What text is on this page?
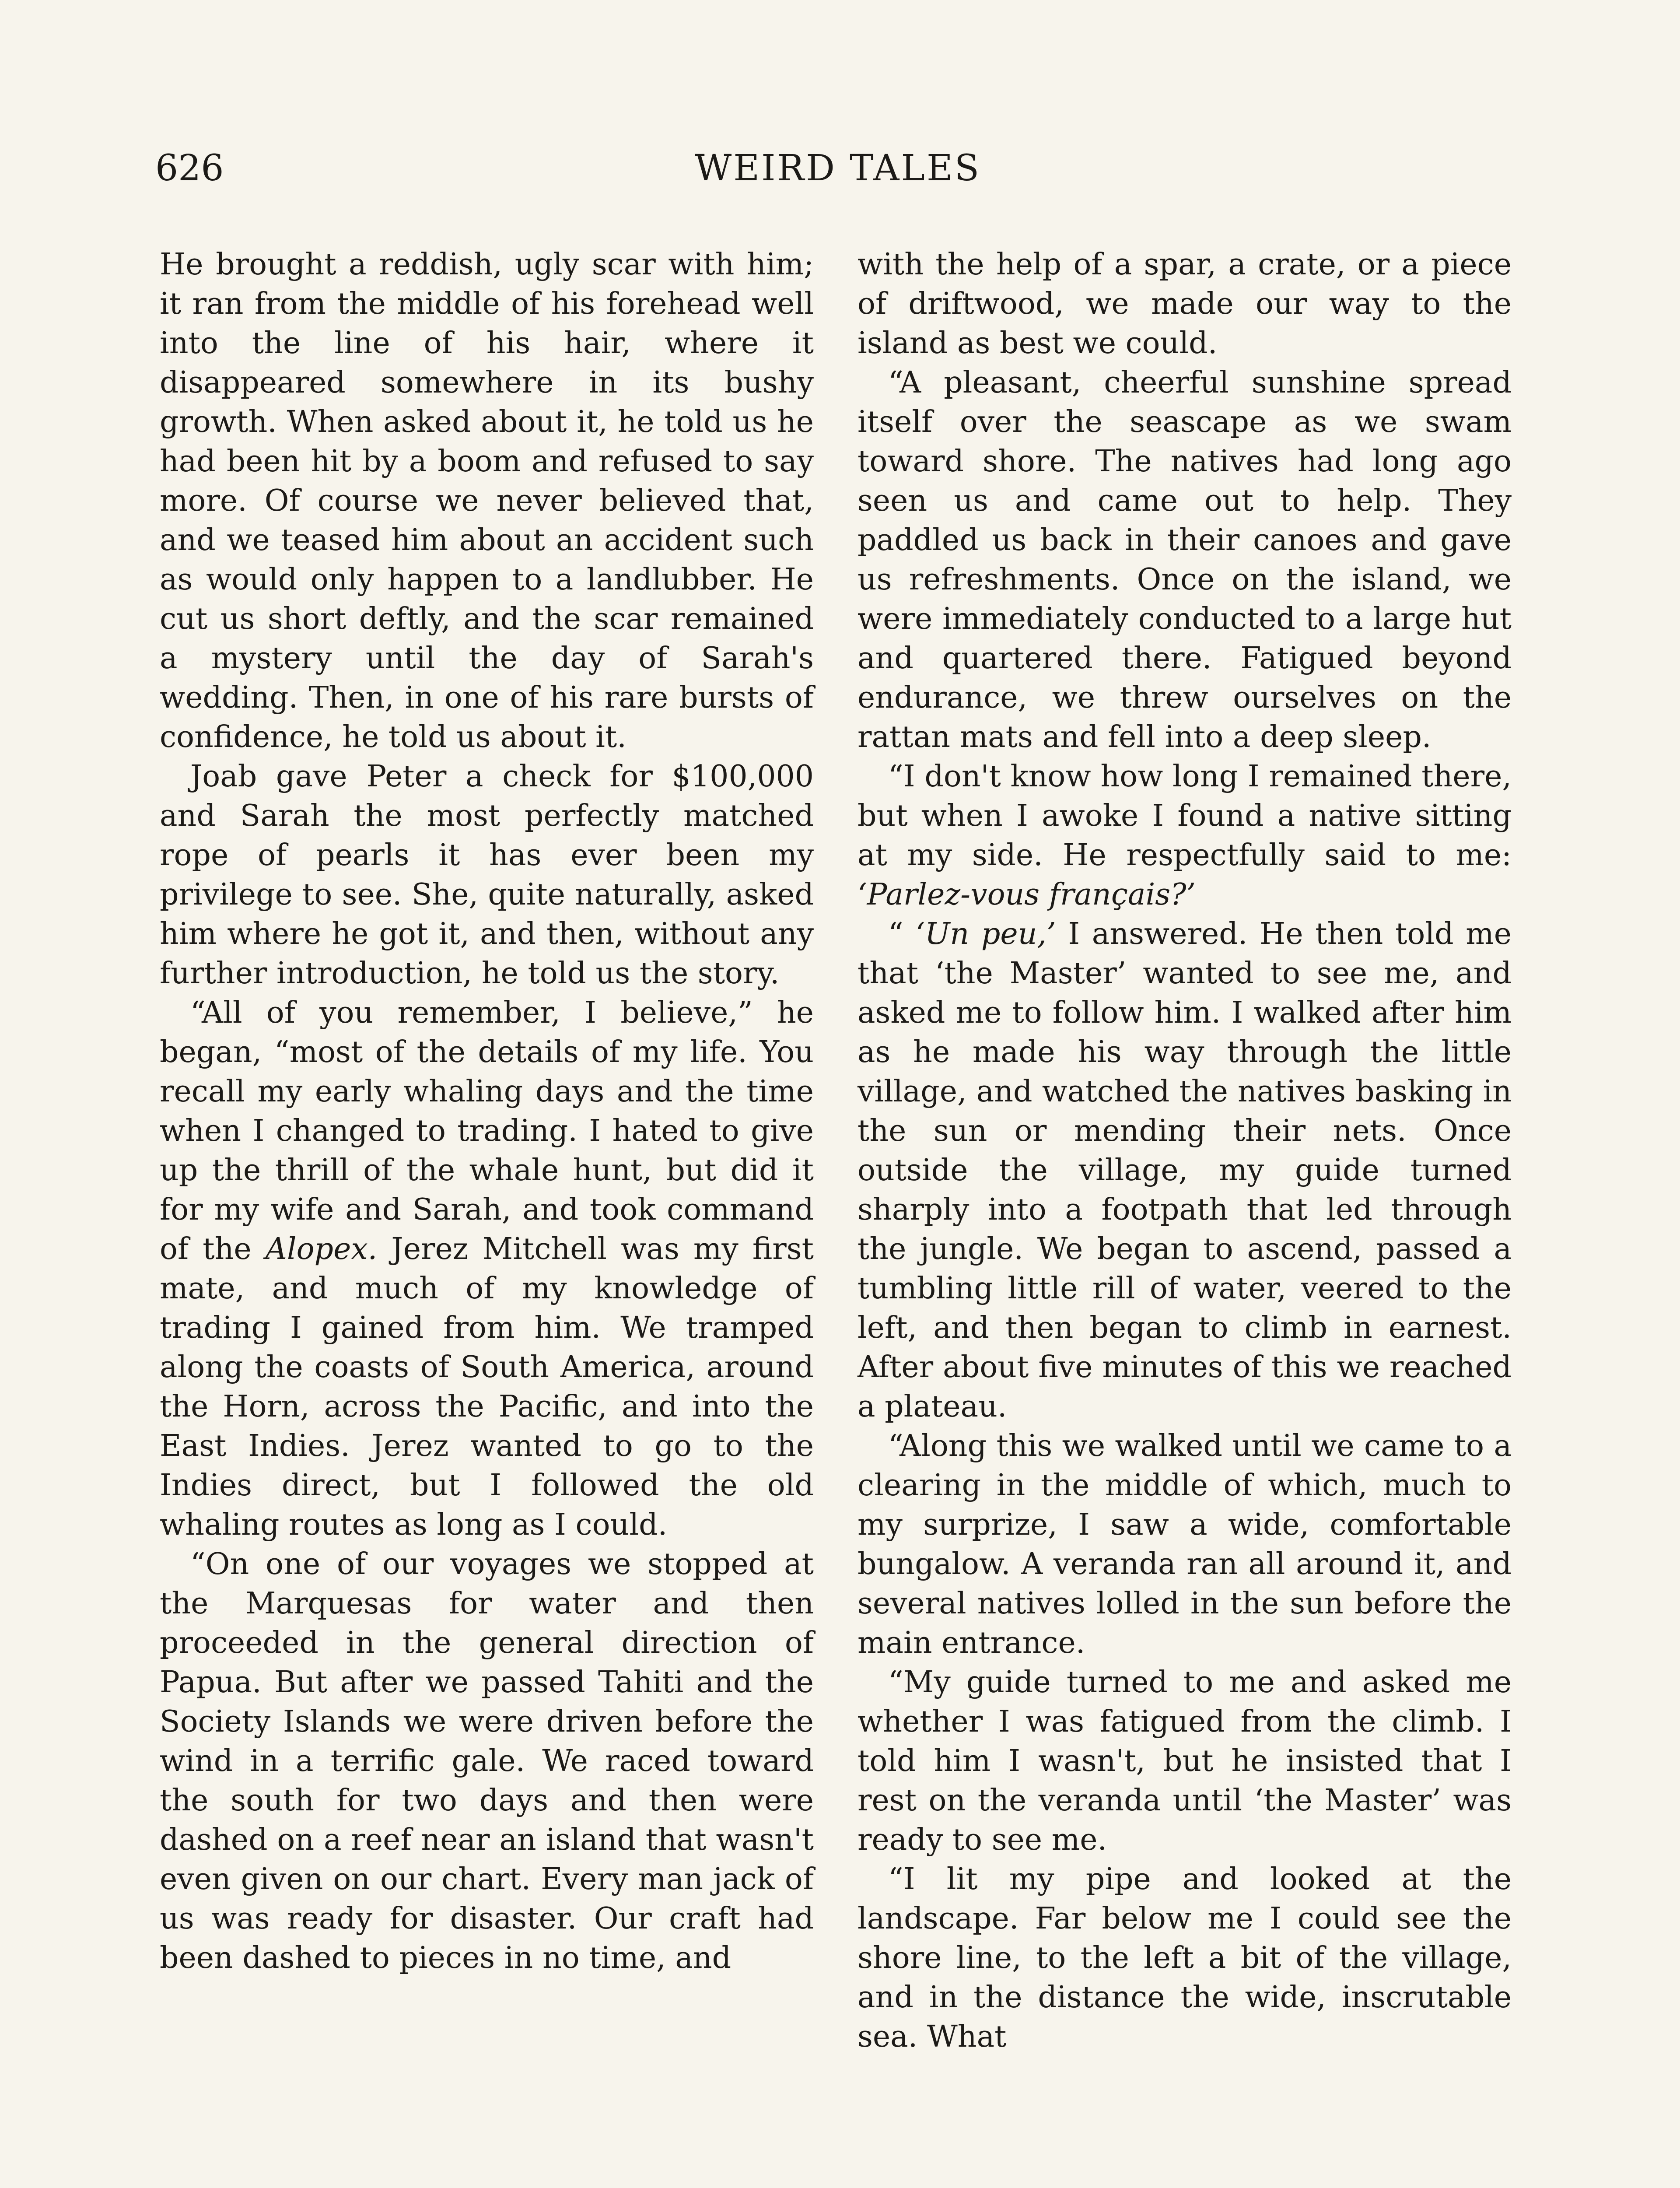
626	WEIRD TALES

He brought a reddish, ugly scar with him; it ran from the middle of his forehead well into the line of his hair, where it disappeared somewhere in its bushy growth. When asked about it, he told us he had been hit by a boom and refused to say more. Of course we never believed that, and we teased him about an accident such as would only happen to a landlubber. He cut us short deftly, and the scar remained a mystery until the day of Sarah's wedding. Then, in one of his rare bursts of confidence, he told us about it.

Joab gave Peter a check for $100,000 and Sarah the most perfectly matched rope of pearls it has ever been my privilege to see. She, quite naturally, asked him where he got it, and then, without any further introduction, he told us the story.

“All of you remember, I believe,” he began, “most of the details of my life. You recall my early whaling days and the time when I changed to trading. I hated to give up the thrill of the whale hunt, but did it for my wife and Sarah, and took command of the Alopex. Jerez Mitchell was my first mate, and much of my knowledge of trading I gained from him. We tramped along the coasts of South America, around the Horn, across the Pacific, and into the East Indies. Jerez wanted to go to the Indies direct, but I followed the old whaling routes as long as I could.

“On one of our voyages we stopped at the Marquesas for water and then proceeded in the general direction of Papua. But after we passed Tahiti and the Society Islands we were driven before the wind in a terrific gale. We raced toward the south for two days and then were dashed on a reef near an island that wasn't even given on our chart. Every man jack of us was ready for disaster. Our craft had been dashed to pieces in no time, and

with the help of a spar, a crate, or a piece of driftwood, we made our way to the island as best we could.

“A pleasant, cheerful sunshine spread itself over the seascape as we swam toward shore. The natives had long ago seen us and came out to help. They paddled us back in their canoes and gave us refreshments. Once on the island, we were immediately conducted to a large hut and quartered there. Fatigued beyond endurance, we threw ourselves on the rattan mats and fell into a deep sleep.

“I don't know how long I remained there, but when I awoke I found a native sitting at my side. He respectfully said to me: ‘Parlez-vous français?’

“ ‘Un peu,’ I answered. He then told me that ‘the Master’ wanted to see me, and asked me to follow him. I walked after him as he made his way through the little village, and watched the natives basking in the sun or mending their nets. Once outside the village, my guide turned sharply into a footpath that led through the jungle. We began to ascend, passed a tumbling little rill of water, veered to the left, and then began to climb in earnest. After about five minutes of this we reached a plateau.

“Along this we walked until we came to a clearing in the middle of which, much to my surprize, I saw a wide, comfortable bungalow. A veranda ran all around it, and several natives lolled in the sun before the main entrance.

“My guide turned to me and asked me whether I was fatigued from the climb. I told him I wasn't, but he insisted that I rest on the veranda until ‘the Master’ was ready to see me.

“I lit my pipe and looked at the landscape. Far below me I could see the shore line, to the left a bit of the village, and in the distance the wide, inscrutable sea. What
